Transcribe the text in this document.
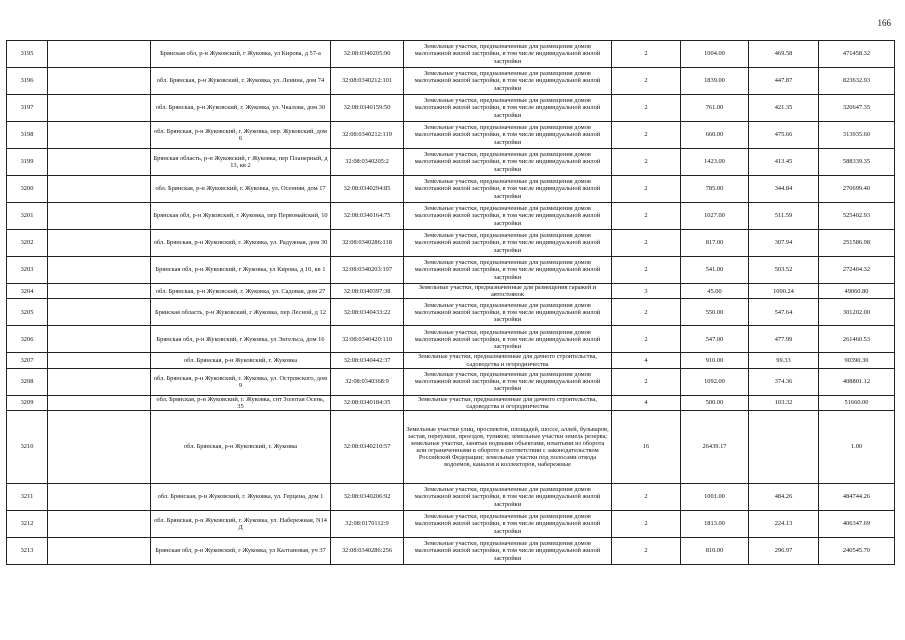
166
3195		Брянская обл, р-н Жуковский, г Жуковка, ул Кирова, д 57-а	32:08:0340205:90	Земельные участки, предназначенные для размещения домов малоэтажной жилой застройки, в том числе индивидуальной жилой застройки	2	1004.00	469.58	471458.32
3196		обл. Брянская, р-н Жуковский, г. Жуковка, ул. Ленина, дом 74	32:08:0340212:101	Земельные участки, предназначенные для размещения домов малоэтажной жилой застройки, в том числе индивидуальной жилой застройки	2	1839.00	447.87	823632.93
3197		обл. Брянская, р-н Жуковский, г. Жуковка, ул. Чкалова, дом 30	32:08:0340159:50	Земельные участки, предназначенные для размещения домов малоэтажной жилой застройки, в том числе индивидуальной жилой застройки	2	761.00	421.35	320647.35
3198		обл. Брянская, р-н Жуковский, г. Жуковка, пер. Жуковский, дом 6	32:08:0340212:119	Земельные участки, предназначенные для размещения домов малоэтажной жилой застройки, в том числе индивидуальной жилой застройки	2	660.00	475.66	313935.60
3199		Брянская область, р-н Жуковский, г Жуковка, пер Планерный, д 13, кв 2	32:08:0340205:2	Земельные участки, предназначенные для размещения домов малоэтажной жилой застройки, в том числе индивидуальной жилой застройки	2	1423.00	413.45	588339.35
3200		обл. Брянская, р-н Жуковский, г. Жуковка, ул. Осенняя, дом 17	32:08:0340294:85	Земельные участки, предназначенные для размещения домов малоэтажной жилой застройки, в том числе индивидуальной жилой застройки	2	785.00	344.84	270699.40
3201		Брянская обл, р-н Жуковский, г Жуковка, пер Первомайский, 10	32:08:0340164:75	Земельные участки, предназначенные для размещения домов малоэтажной жилой застройки, в том числе индивидуальной жилой застройки	2	1027.00	511.59	525402.93
3202		обл. Брянская, р-н Жуковский, г. Жуковка, ул. Радужная, дом 30	32:08:0340286:118	Земельные участки, предназначенные для размещения домов малоэтажной жилой застройки, в том числе индивидуальной жилой застройки	2	817.00	307.94	251586.98
3203		Брянская обл, р-н Жуковский, г Жуковка, ул Кирова, д 10, кв 1	32:08:0340203:197	Земельные участки, предназначенные для размещения домов малоэтажной жилой застройки, в том числе индивидуальной жилой застройки	2	541.00	503.52	272404.32
3204		обл. Брянская, р-н Жуковский, г. Жуковка, ул. Садовая, дом 27	32:08:0340397:38	Земельные участки, предназначенные для размещения гаражей и автостоянок	3	45.00	1090.24	49060.80
3205		Брянская область, р-н Жуковский, г Жуковка, пер Лесной, д 12	32:08:0340433:22	Земельные участки, предназначенные для размещения домов малоэтажной жилой застройки, в том числе индивидуальной жилой застройки	2	550.00	547.64	301202.00
3206		Брянская обл, р-н Жуковский, г Жуковка, ул Энгельса, дом 16	32:08:0340420:110	Земельные участки, предназначенные для размещения домов малоэтажной жилой застройки, в том числе индивидуальной жилой застройки	2	547.00	477.99	261460.53
3207		обл. Брянская, р-н Жуковский, г. Жуковка	32:08:0340442:37	Земельные участки, предназначенные для дачного строительства, садоводства и огородничества	4	910.00	99.33	90390.30
3208		обл. Брянская, р-н Жуковский, г. Жуковка, ул. Островского, дом 9	32:08:0340368:9	Земельные участки, предназначенные для размещения домов малоэтажной жилой застройки, в том числе индивидуальной жилой застройки	2	1092.00	374.36	408801.12
3209		обл. Брянская, р-н Жуковский, г. Жуковка, снт Золотая Осень, 35	32:08:0340184:35	Земельные участки, предназначенные для дачного строительства, садоводства и огородничества	4	500.00	103.32	51660.00
3210		обл. Брянская, р-н Жуковский, г. Жуковка	32:08:0340210:57	Земельные участки улиц, проспектов, площадей, шоссе, аллей, бульваров, застав, переулков, проездов, тупиков; земельные участки земель резерва; земельные участки, занятые водными объектами, изъятыми из оборота или ограниченными в обороте в соответствии с законодательством Российской Федерации; земельные участки под полосами отвода водоемов, каналов и коллекторов, набережные	16	26439.17		1.00
3211		обл. Брянская, р-н Жуковский, г. Жуковка, ул. Герцена, дом 1	32:08:0340206:92	Земельные участки, предназначенные для размещения домов малоэтажной жилой застройки, в том числе индивидуальной жилой застройки	2	1001.00	484.26	484744.26
3212		обл. Брянская, р-н Жуковский, г. Жуковка, ул. Набережная, N14 Д	32:08:0170112:9	Земельные участки, предназначенные для размещения домов малоэтажной жилой застройки, в том числе индивидуальной жилой застройки	2	1813.00	224.13	406347.69
3213		Брянская обл, р-н Жуковский, г Жуковка, ул Калтановая, уч 37	32:08:0340286:256	Земельные участки, предназначенные для размещения домов малоэтажной жилой застройки, в том числе индивидуальной жилой застройки	2	810.00	296.97	240545.70
